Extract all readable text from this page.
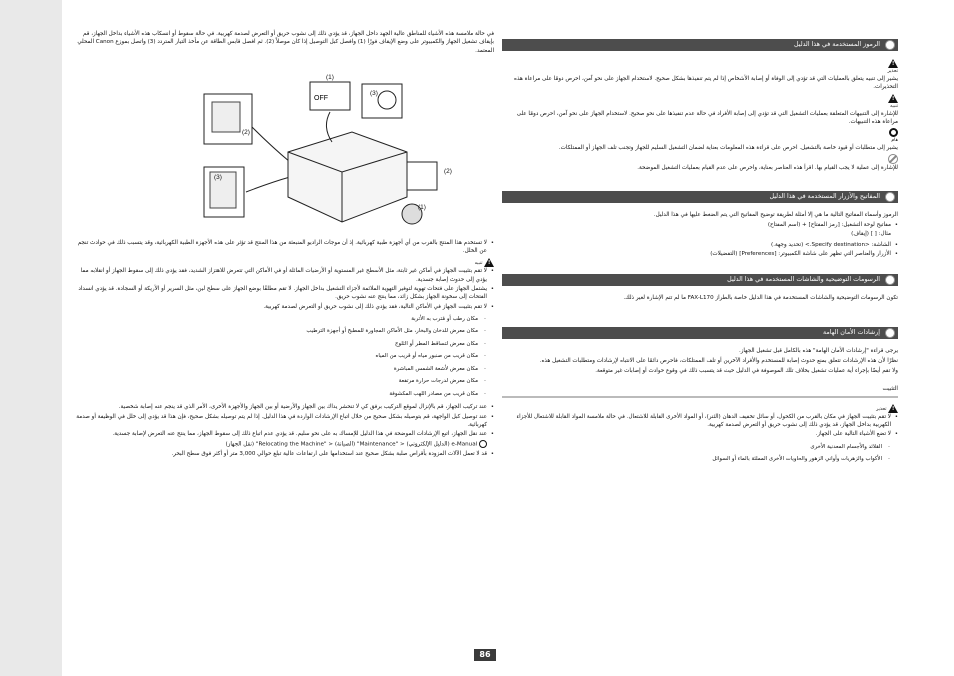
في حالة ملامسة هذه الأشياء للمناطق عالية الجهد داخل الجهاز، قد يؤدي ذلك إلى نشوب حريق أو التعرض لصدمة كهربية. في حالة سقوط أو انسكاب هذه الأشياء بداخل الجهاز، قم بإيقاف تشغيل الجهاز والكمبيوتر على وضع الإيقاف فورًا (1) وافصل كبل التوصيل إذا كان موصلاً (2). ثم افصل قابس الطاقة عن مأخذ التيار المتردد (3) واتصل بموزع Canon المحلي المعتمد.
• لا تستخدم هذا المنتج بالقرب من أي أجهزة طبية كهربائية. إذ أن موجات الراديو المنبعثة من هذا المنتج قد تؤثر على هذه الأجهزة الطبية الكهربائية، وقد يتسبب ذلك في حوادث تنجم عن الخلل.
!
تنبيه
• لا تقم بتثبيت الجهاز في أماكن غير ثابتة، مثل الأسطح غير المستوية أو الأرضيات المائلة أو في الأماكن التي تتعرض للاهتزاز الشديد، فقد يؤدي ذلك إلى سقوط الجهاز أو انقلابه مما يؤدي إلى حدوث إصابة جسدية.
• يشتمل الجهاز على فتحات تهوية لتوفير التهوية الملائمة لأجزاء التشغيل بداخل الجهاز. لا تقم مطلقًا بوضع الجهاز على سطح لين، مثل السرير أو الأريكة أو السجادة. قد يؤدي انسداد الفتحات إلى سخونة الجهاز بشكل زائد، مما ينتج عنه نشوب حريق.
• لا تقم بتثبيت الجهاز في الأماكن التالية، فقد يؤدي ذلك إلى نشوب حريق أو التعرض لصدمة كهربية.
- مكان رطب أو مُترب به الأتربة
- مكان معرض للدخان والبخار، مثل الأماكن المجاورة للمطبخ أو أجهزة الترطيب
- مكان معرض لتساقط المطر أو الثلوج
- مكان قريب من صنبور مياه أو قريب من المياه
- مكان معرض لأشعة الشمس المباشرة
- مكان معرض لدرجات حرارة مرتفعة
- مكان قريب من مصادر اللهب المكشوفة
• عند تركيب الجهاز، قم بالإنزال لموقع التركيب برفق كي لا تنحشر يداك بين الجهاز والأرضية أو بين الجهاز والأجهزة الأخرى، الأمر الذي قد ينجم عنه إصابة شخصية.
• عند توصيل كبل الواجهة، قم بتوصيله بشكل صحيح من خلال اتباع الإرشادات الواردة في هذا الدليل. إذا لم يتم توصيله بشكل صحيح، فإن هذا قد يؤدي إلى خلل في الوظيفة أو صدمة كهربائية.
• عند نقل الجهاز، اتبع الإرشادات الموضحة في هذا الدليل للإمساك به على نحو سليم. قد يؤدي عدم اتباع ذلك إلى سقوط الجهاز، مما ينتج عنه التعرض لإصابة جسدية.
e-Manual (الدليل الإلكتروني) < "Maintenance" (الصيانة) < "Relocating the Machine" (نقل الجهاز)
• قد لا تعمل الآلات المزودة بأقراص صلبة بشكل صحيح عند استخدامها على ارتفاعات عالية تبلغ حوالي 3,000 متر أو أكثر فوق سطح البحر.
OFF
(1)
(3)
(2)
(3)
(2)
(1)
الرموز المستخدمة في هذا الدليل
!

تحذير
يشير إلى تنبيه يتعلق بالعمليات التي قد تؤدي إلى الوفاة أو إصابة الأشخاص إذا لم يتم تنفيذها بشكل صحيح. لاستخدام الجهاز على نحو آمن، احرص دومًا على مراعاة هذه التحذيرات.
!

تنبيه
للإشارة إلى التنبيهات المتعلقة بعمليات التشغيل التي قد تؤدي إلى إصابة الأفراد في حالة عدم تنفيذها على نحو صحيح. لاستخدام الجهاز على نحو آمن، احرص دومًا على مراعاة هذه التنبيهات.

هام
يشير إلى متطلبات أو قيود خاصة بالتشغيل. احرص على قراءة هذه المعلومات بعناية لضمان التشغيل السليم للجهاز وتجنب تلف الجهاز أو الممتلكات.
للإشارة إلى عملية لا يجب القيام بها. اقرأ هذه العناصر بعناية، واحرص على عدم القيام بعمليات التشغيل الموضحة.
المفاتيح والأزرار المستخدمة في هذا الدليل
الرموز وأسماء المفاتيح التالية ما هي إلا أمثلة لطريقة توضيح المفاتيح التي يتم الضغط عليها في هذا الدليل.
• مفاتيح لوحة التشغيل: [رمز المفتاح] + (اسم المفتاح)
مثال: [ ] (إيقاف)
• الشاشة: <Specify destination.> (تحديد وجهة.)
• الأزرار والعناصر التي تظهر على شاشة الكمبيوتر: [Preferences] (التفضيلات)
الرسومات التوضيحية والشاشات المستخدمة في هذا الدليل
تكون الرسومات التوضيحية والشاشات المستخدمة في هذا الدليل خاصة بالطراز FAX-L170 ما لم تتم الإشارة لغير ذلك.
إرشادات الأمان الهامة
يرجى قراءة "إرشادات الأمان الهامة" هذه بالكامل قبل تشغيل الجهاز.
نظرًا لأن هذه الإرشادات تتعلق بمنع حدوث إصابة للمستخدم والأفراد الآخرين أو تلف الممتلكات، فاحرص دائمًا على الانتباه لإرشادات ومتطلبات التشغيل هذه.
ولا تقم أيضًا بإجراء أية عمليات تشغيل بخلاف تلك الموصوفة في الدليل حيث قد يتسبب ذلك في وقوع حوادث أو إصابات غير متوقعة.
التثبيت
!
تحذير
• لا تقم بتثبيت الجهاز في مكان بالقرب من الكحول، أو سائل تخفيف الدهان (الثنر)، أو المواد الأخرى القابلة للاشتعال. في حالة ملامسة المواد القابلة للاشتعال للأجزاء الكهربية بداخل الجهاز، قد يؤدي ذلك إلى نشوب حريق أو التعرض لصدمة كهربية.
• لا تضع الأشياء التالية على الجهاز.
- القلائد والأجسام المعدنية الأخرى
- الأكواب والزهريات وأواني الزهور والحاويات الأخرى المملئة بالماء أو السوائل
86
